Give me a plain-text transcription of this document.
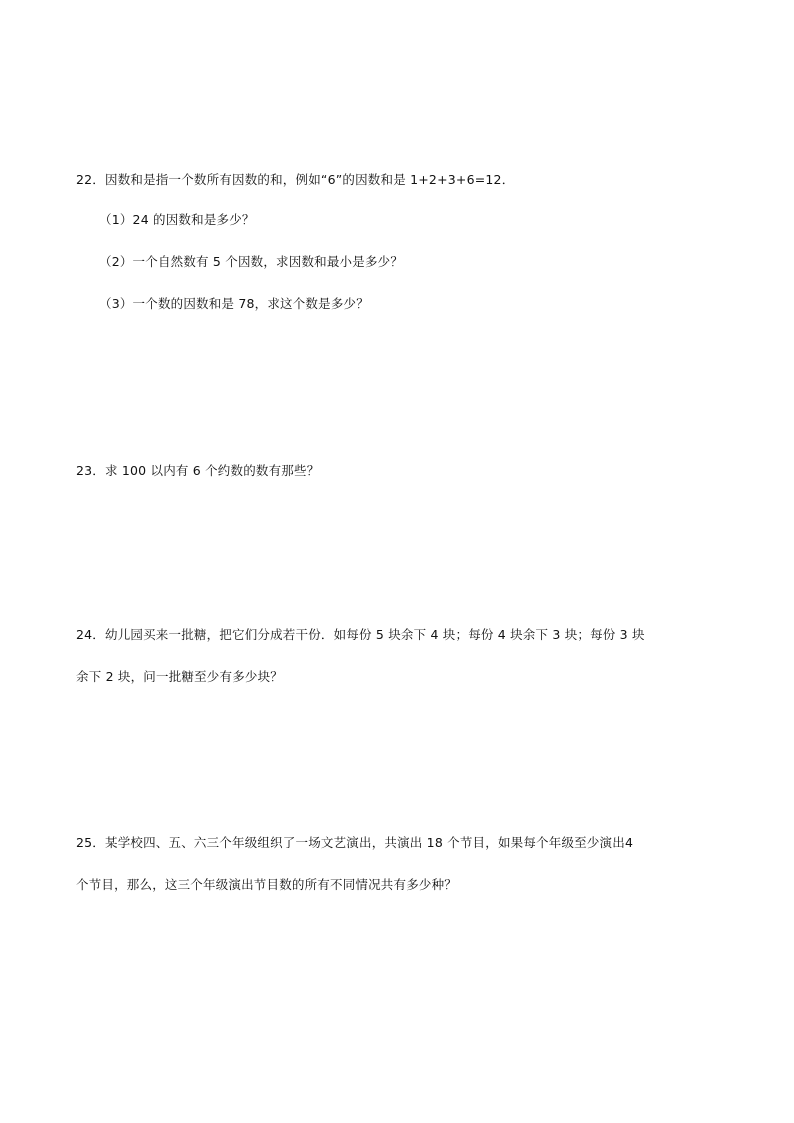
22．因数和是指一个数所有因数的和，例如“6”的因数和是 1+2+3+6=12．
（1）24 的因数和是多少？
（2）一个自然数有 5 个因数，求因数和最小是多少？
（3）一个数的因数和是 78，求这个数是多少？
23．求 100 以内有 6 个约数的数有那些？
24．幼儿园买来一批糖，把它们分成若干份．如每份 5 块余下 4 块；每份 4 块余下 3 块；每份 3 块
余下 2 块，问一批糖至少有多少块？
25．某学校四、五、六三个年级组织了一场文艺演出，共演出 18 个节目，如果每个年级至少演出4
个节目，那么，这三个年级演出节目数的所有不同情况共有多少种？
